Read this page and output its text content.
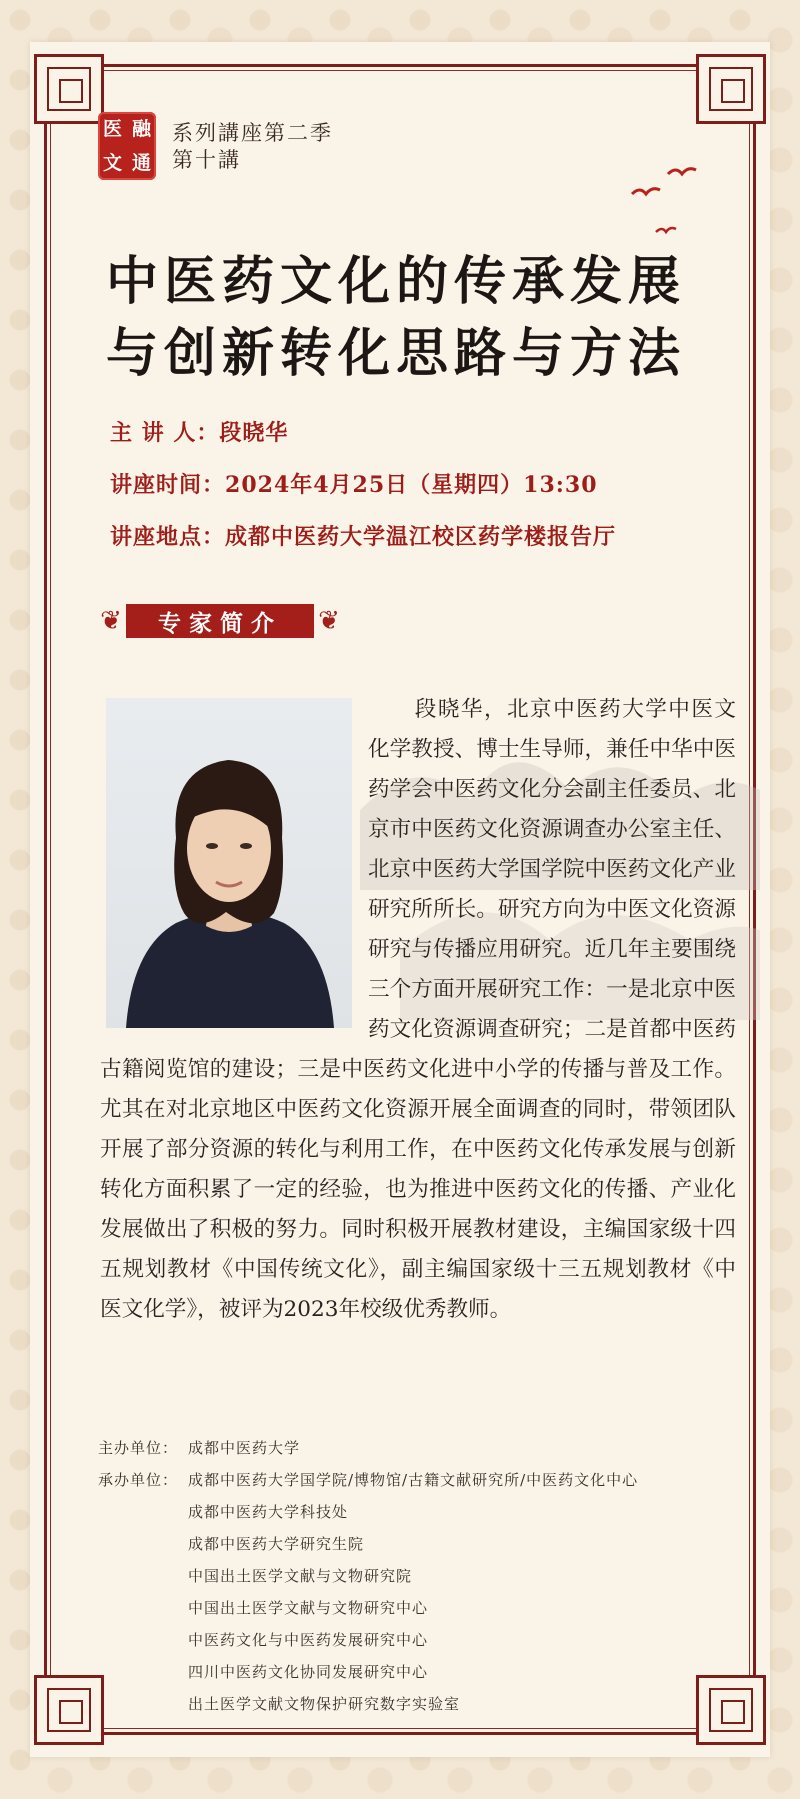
医 融
文 通
系列講座第二季
第十講
中医药文化的传承发展
与创新转化思路与方法
主 讲 人：段晓华
讲座时间：2024年4月25日（星期四）13:30
讲座地点：成都中医药大学温江校区药学楼报告厅
❦	专家简介	❦
段晓华，北京中医药大学中医文化学教授、博士生导师，兼任中华中医药学会中医药文化分会副主任委员、北京市中医药文化资源调查办公室主任、北京中医药大学国学院中医药文化产业研究所所长。研究方向为中医文化资源研究与传播应用研究。近几年主要围绕三个方面开展研究工作：一是北京中医药文化资源调查研究；二是首都中医药古籍阅览馆的建设；三是中医药文化进中小学的传播与普及工作。尤其在对北京地区中医药文化资源开展全面调查的同时，带领团队开展了部分资源的转化与利用工作，在中医药文化传承发展与创新转化方面积累了一定的经验，也为推进中医药文化的传播、产业化发展做出了积极的努力。同时积极开展教材建设，主编国家级十四五规划教材《中国传统文化》，副主编国家级十三五规划教材《中医文化学》，被评为2023年校级优秀教师。
主办单位： 成都中医药大学
承办单位： 成都中医药大学国学院/博物馆/古籍文献研究所/中医药文化中心
成都中医药大学科技处
成都中医药大学研究生院
中国出土医学文献与文物研究院
中国出土医学文献与文物研究中心
中医药文化与中医药发展研究中心
四川中医药文化协同发展研究中心
出土医学文献文物保护研究数字实验室
